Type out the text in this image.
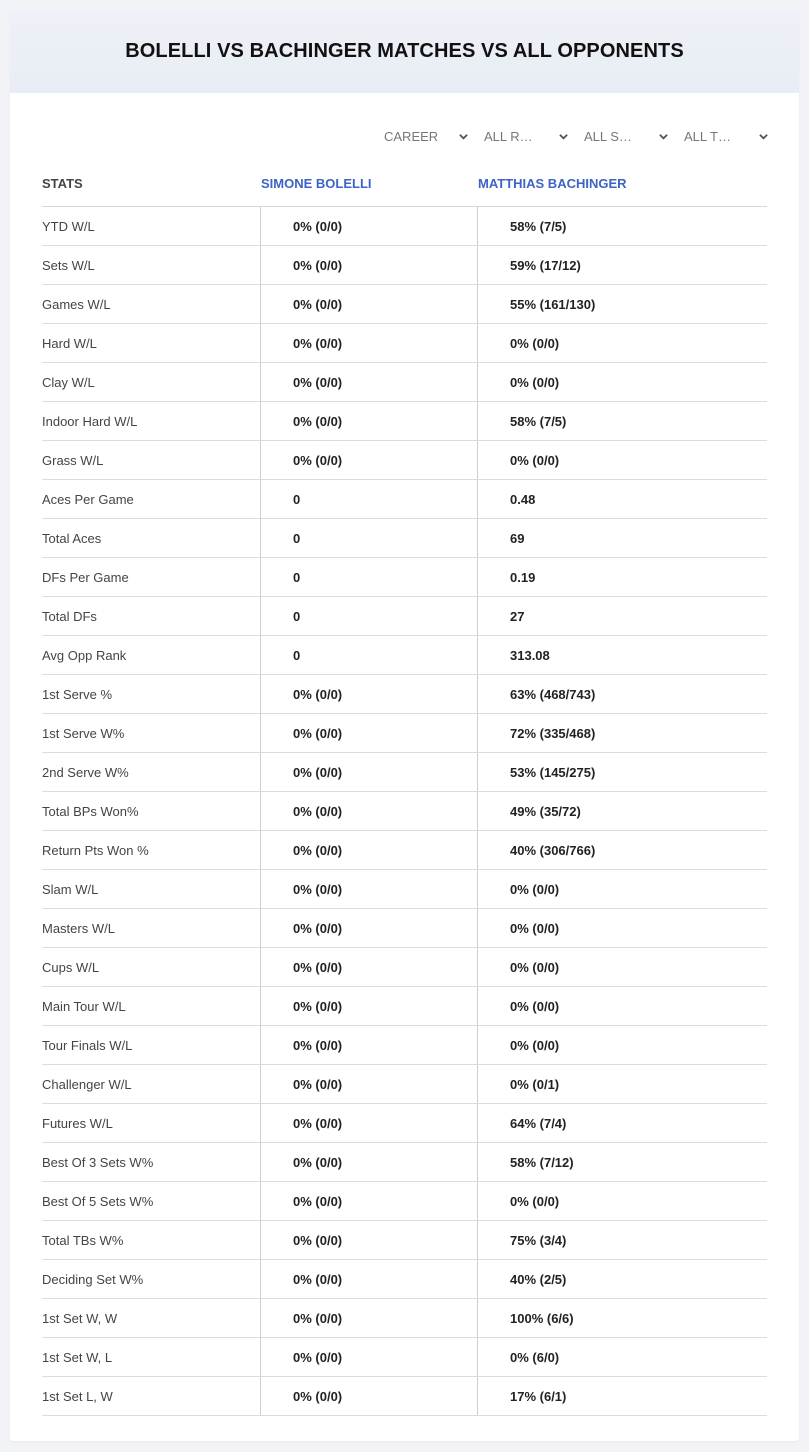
BOLELLI VS BACHINGER MATCHES VS ALL OPPONENTS
CAREER	ALL R…	ALL S…	ALL T…
STATS	SIMONE BOLELLI	MATTHIAS BACHINGER
YTD W/L	0% (0/0)	58% (7/5)
Sets W/L	0% (0/0)	59% (17/12)
Games W/L	0% (0/0)	55% (161/130)
Hard W/L	0% (0/0)	0% (0/0)
Clay W/L	0% (0/0)	0% (0/0)
Indoor Hard W/L	0% (0/0)	58% (7/5)
Grass W/L	0% (0/0)	0% (0/0)
Aces Per Game	0	0.48
Total Aces	0	69
DFs Per Game	0	0.19
Total DFs	0	27
Avg Opp Rank	0	313.08
1st Serve %	0% (0/0)	63% (468/743)
1st Serve W%	0% (0/0)	72% (335/468)
2nd Serve W%	0% (0/0)	53% (145/275)
Total BPs Won%	0% (0/0)	49% (35/72)
Return Pts Won %	0% (0/0)	40% (306/766)
Slam W/L	0% (0/0)	0% (0/0)
Masters W/L	0% (0/0)	0% (0/0)
Cups W/L	0% (0/0)	0% (0/0)
Main Tour W/L	0% (0/0)	0% (0/0)
Tour Finals W/L	0% (0/0)	0% (0/0)
Challenger W/L	0% (0/0)	0% (0/1)
Futures W/L	0% (0/0)	64% (7/4)
Best Of 3 Sets W%	0% (0/0)	58% (7/12)
Best Of 5 Sets W%	0% (0/0)	0% (0/0)
Total TBs W%	0% (0/0)	75% (3/4)
Deciding Set W%	0% (0/0)	40% (2/5)
1st Set W, W	0% (0/0)	100% (6/6)
1st Set W, L	0% (0/0)	0% (6/0)
1st Set L, W	0% (0/0)	17% (6/1)
